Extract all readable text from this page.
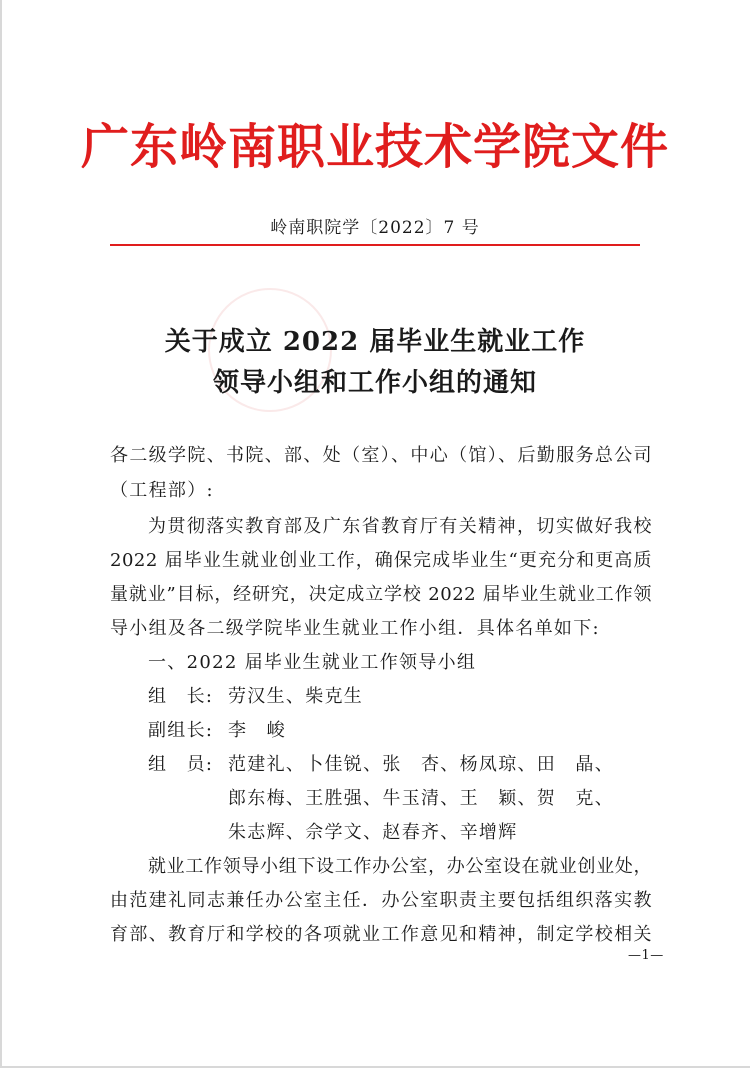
广东岭南职业技术学院文件
岭南职院学〔2022〕7 号
关于成立 2022 届毕业生就业工作
领导小组和工作小组的通知
各二级学院、书院、部、处（室）、中心（馆）、后勤服务总公司
（工程部）:
为贯彻落实教育部及广东省教育厅有关精神，切实做好我校
2022 届毕业生就业创业工作，确保完成毕业生“更充分和更高质
量就业”目标，经研究，决定成立学校 2022 届毕业生就业工作领
导小组及各二级学院毕业生就业工作小组．具体名单如下:
一、2022 届毕业生就业工作领导小组
组　长: 劳汉生、柴克生
副组长: 李　峻
组　员: 范建礼、卜佳锐、张　杏、杨凤琼、田　晶、
郎东梅、王胜强、牛玉清、王　颖、贺　克、
朱志辉、佘学文、赵春齐、辛增辉
就业工作领导小组下设工作办公室，办公室设在就业创业处，
由范建礼同志兼任办公室主任．办公室职责主要包括组织落实教
育部、教育厅和学校的各项就业工作意见和精神，制定学校相关
—1—
